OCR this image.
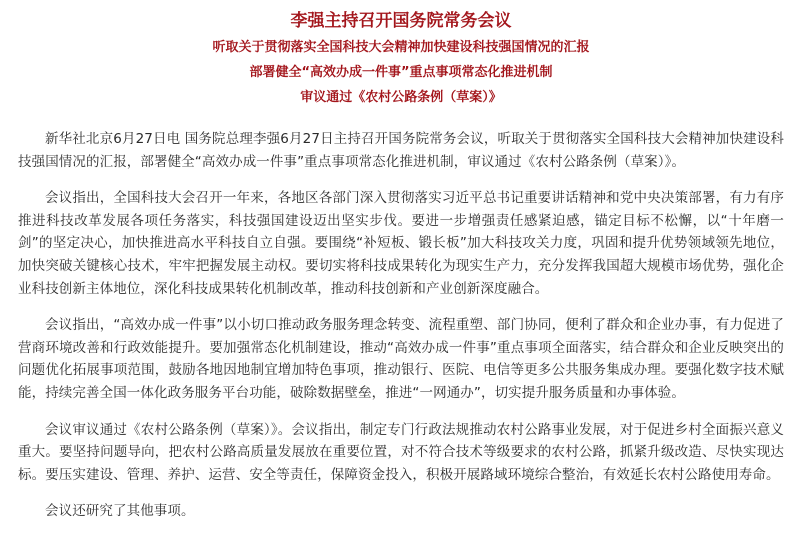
李强主持召开国务院常务会议
听取关于贯彻落实全国科技大会精神加快建设科技强国情况的汇报
部署健全“高效办成一件事”重点事项常态化推进机制
审议通过《农村公路条例（草案）》

新华社北京6月27日电 国务院总理李强6月27日主持召开国务院常务会议，听取关于贯彻落实全国科技大会精神加快建设科技强国情况的汇报，部署健全“高效办成一件事”重点事项常态化推进机制，审议通过《农村公路条例（草案）》。

会议指出，全国科技大会召开一年来，各地区各部门深入贯彻落实习近平总书记重要讲话精神和党中央决策部署，有力有序推进科技改革发展各项任务落实，科技强国建设迈出坚实步伐。要进一步增强责任感紧迫感，锚定目标不松懈，以“十年磨一剑”的坚定决心，加快推进高水平科技自立自强。要围绕“补短板、锻长板”加大科技攻关力度，巩固和提升优势领域领先地位，加快突破关键核心技术，牢牢把握发展主动权。要切实将科技成果转化为现实生产力，充分发挥我国超大规模市场优势，强化企业科技创新主体地位，深化科技成果转化机制改革，推动科技创新和产业创新深度融合。

会议指出，“高效办成一件事”以小切口推动政务服务理念转变、流程重塑、部门协同，便利了群众和企业办事，有力促进了营商环境改善和行政效能提升。要加强常态化机制建设，推动“高效办成一件事”重点事项全面落实，结合群众和企业反映突出的问题优化拓展事项范围，鼓励各地因地制宜增加特色事项，推动银行、医院、电信等更多公共服务集成办理。要强化数字技术赋能，持续完善全国一体化政务服务平台功能，破除数据壁垒，推进“一网通办”，切实提升服务质量和办事体验。

会议审议通过《农村公路条例（草案）》。会议指出，制定专门行政法规推动农村公路事业发展，对于促进乡村全面振兴意义重大。要坚持问题导向，把农村公路高质量发展放在重要位置，对不符合技术等级要求的农村公路，抓紧升级改造、尽快实现达标。要压实建设、管理、养护、运营、安全等责任，保障资金投入，积极开展路域环境综合整治，有效延长农村公路使用寿命。

会议还研究了其他事项。
